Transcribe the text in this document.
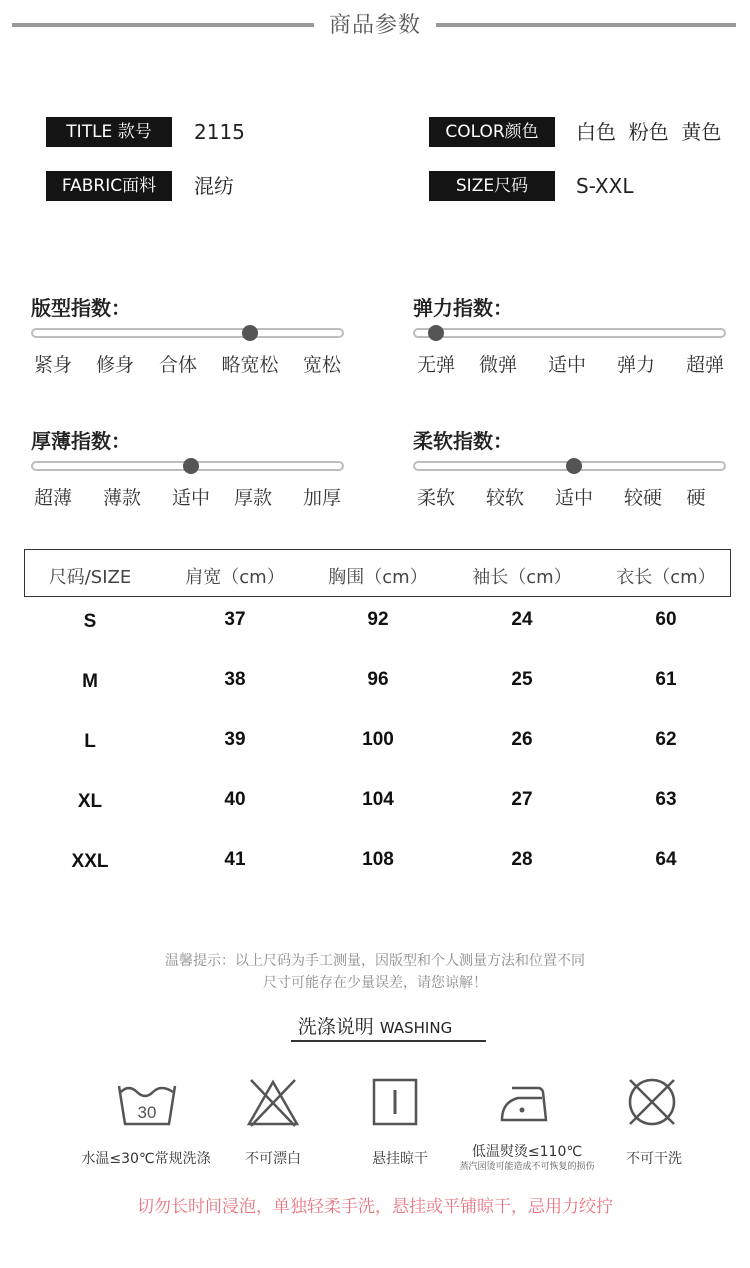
商品参数
TITLE 款号	2115	COLOR颜色	白色  粉色  黄色
FABRIC面料	混纺	SIZE尺码	S-XXL
版型指数：
紧身 修身 合体 略宽松 宽松
弹力指数：
无弹 微弹 适中 弹力 超弹
厚薄指数：
超薄 薄款 适中 厚款 加厚
柔软指数：
柔软 较软 适中 较硬 硬
尺码/SIZE	肩宽（cm） 胸围（cm） 袖长（cm） 衣长（cm）
S	37	92	24	60
M	38	96	25	61
L	39	100	26	62
XL	40	104	27	63
XXL	41	108	28	64
温馨提示：以上尺码为手工测量，因版型和个人测量方法和位置不同
尺寸可能存在少量误差，请您谅解！
洗涤说明 WASHING
30
水温≤30℃常规洗涤 不可漂白	悬挂晾干	低温熨烫≤110℃
蒸汽园烫可能造成不可恢复的损伤 不可干洗
切勿长时间浸泡，单独轻柔手洗，悬挂或平铺晾干，忌用力绞拧
